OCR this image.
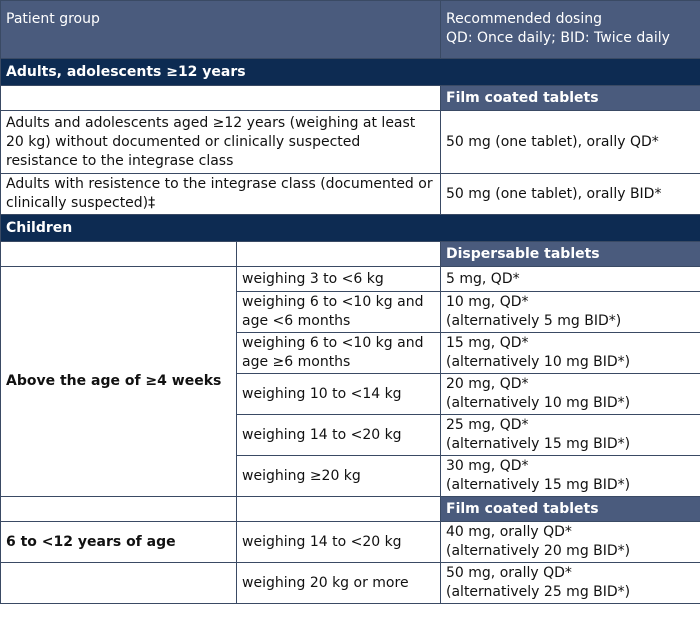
Patient group		Recommended dosing
QD: Once daily; BID: Twice daily

Adults, adolescents ≥12 years		
		Film coated tablets
Adults and adolescents aged ≥12 years (weighing at least 20 kg) without documented or clinically suspected resistance to the integrase class		50 mg (one tablet), orally QD*
Adults with resistence to the integrase class (documented or clinically suspected)‡		50 mg (one tablet), orally BID*
Children		
		Dispersable tablets
Above the age of ≥4 weeks	weighing 3 to <6 kg	5 mg, QD*
	weighing 6 to <10 kg and age <6 months	10 mg, QD*
(alternatively 5 mg BID*)
	weighing 6 to <10 kg and age ≥6 months	15 mg, QD*
(alternatively 10 mg BID*)
	weighing 10 to <14 kg	20 mg, QD*
(alternatively 10 mg BID*)
	weighing 14 to <20 kg	25 mg, QD*
(alternatively 15 mg BID*)
	weighing ≥20 kg	30 mg, QD*
(alternatively 15 mg BID*)
		Film coated tablets
6 to <12 years of age	weighing 14 to <20 kg	40 mg, orally QD*
(alternatively 20 mg BID*)
	weighing 20 kg or more	50 mg, orally QD*
(alternatively 25 mg BID*)
